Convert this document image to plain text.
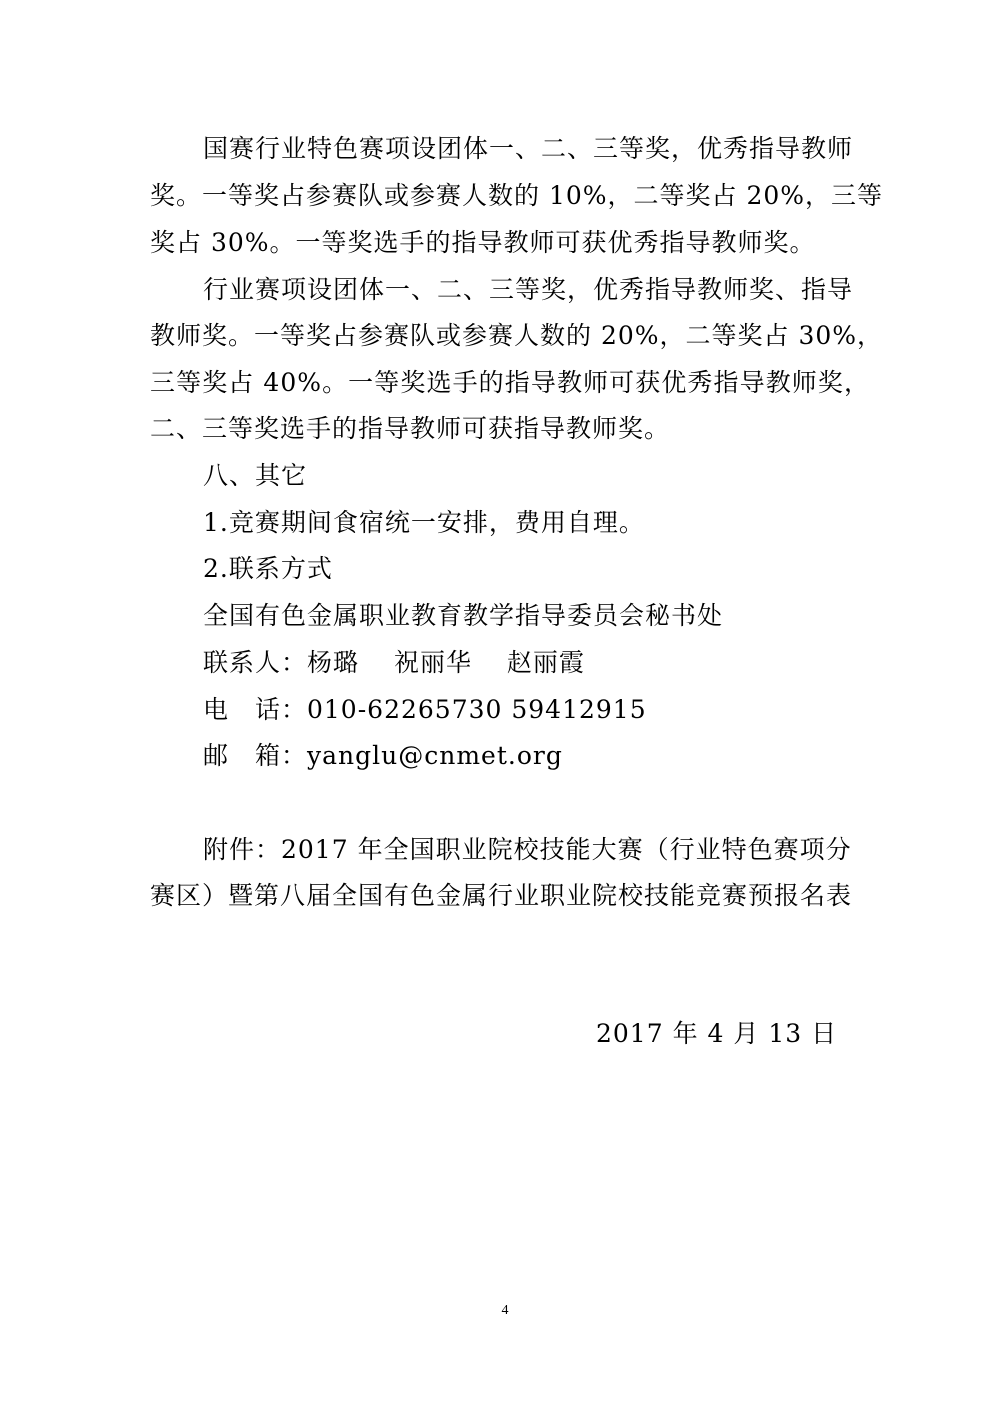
国赛行业特色赛项设团体一、二、三等奖，优秀指导教师
奖。一等奖占参赛队或参赛人数的 10%，二等奖占 20%，三等
奖占 30%。一等奖选手的指导教师可获优秀指导教师奖。
行业赛项设团体一、二、三等奖，优秀指导教师奖、指导
教师奖。一等奖占参赛队或参赛人数的 20%，二等奖占 30%，
三等奖占 40%。一等奖选手的指导教师可获优秀指导教师奖，
二、三等奖选手的指导教师可获指导教师奖。
八、其它
1.竞赛期间食宿统一安排，费用自理。
2.联系方式
全国有色金属职业教育教学指导委员会秘书处
联系人：杨璐　 祝丽华　 赵丽霞
电　话：010-62265730 59412915
邮　箱：yanglu@cnmet.org
附件：2017 年全国职业院校技能大赛（行业特色赛项分
赛区）暨第八届全国有色金属行业职业院校技能竞赛预报名表
2017 年 4 月 13 日
4
